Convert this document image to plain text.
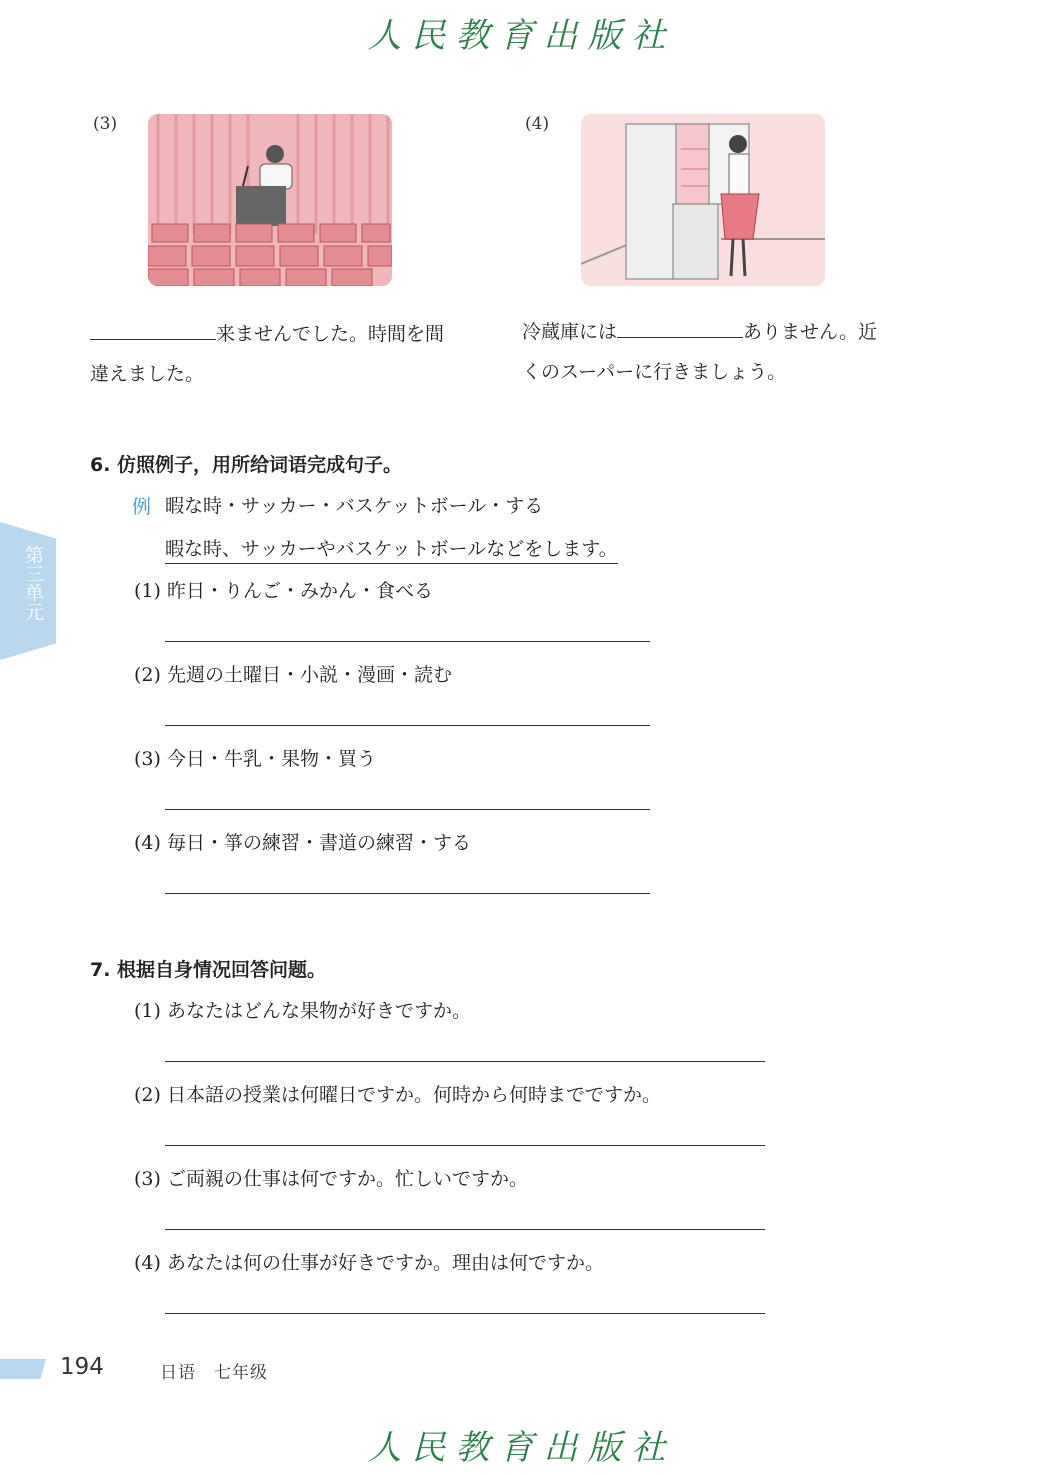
人民教育出版社
(3)
来ませんでした。時間を間
違えました。
(4)
冷蔵庫には	ありません。近
くのスーパーに行きましょう。
第三单元
6. 仿照例子，用所给词语完成句子。
例 暇な時・サッカー・バスケットボール・する
暇な時、サッカーやバスケットボールなどをします。
(1) 昨日・りんご・みかん・食べる
(2) 先週の土曜日・小説・漫画・読む
(3) 今日・牛乳・果物・買う
(4) 毎日・箏の練習・書道の練習・する
7. 根据自身情况回答问题。
(1) あなたはどんな果物が好きですか。
(2) 日本語の授業は何曜日ですか。何時から何時までですか。
(3) ご両親の仕事は何ですか。忙しいですか。
(4) あなたは何の仕事が好きですか。理由は何ですか。
194	日语　七年级
人民教育出版社
